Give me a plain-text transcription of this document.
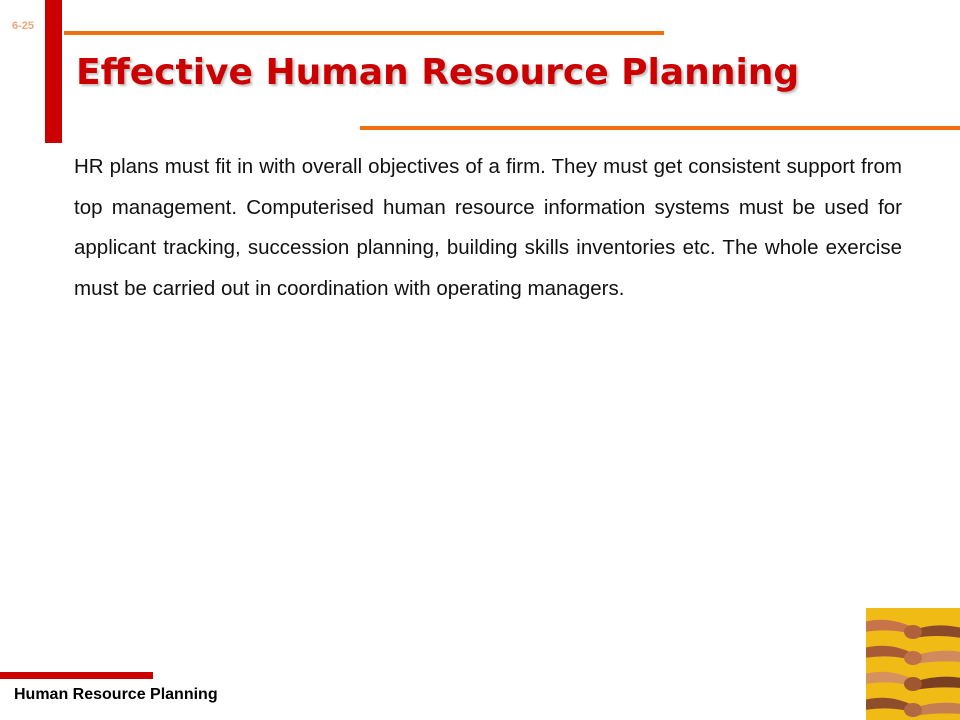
6-25
Effective Human Resource Planning

HR plans must fit in with overall objectives of a firm. They must get consistent support from top management. Computerised human resource information systems must be used for applicant tracking, succession planning, building skills inventories etc. The whole exercise must be carried out in coordination with operating managers.

Human Resource Planning
